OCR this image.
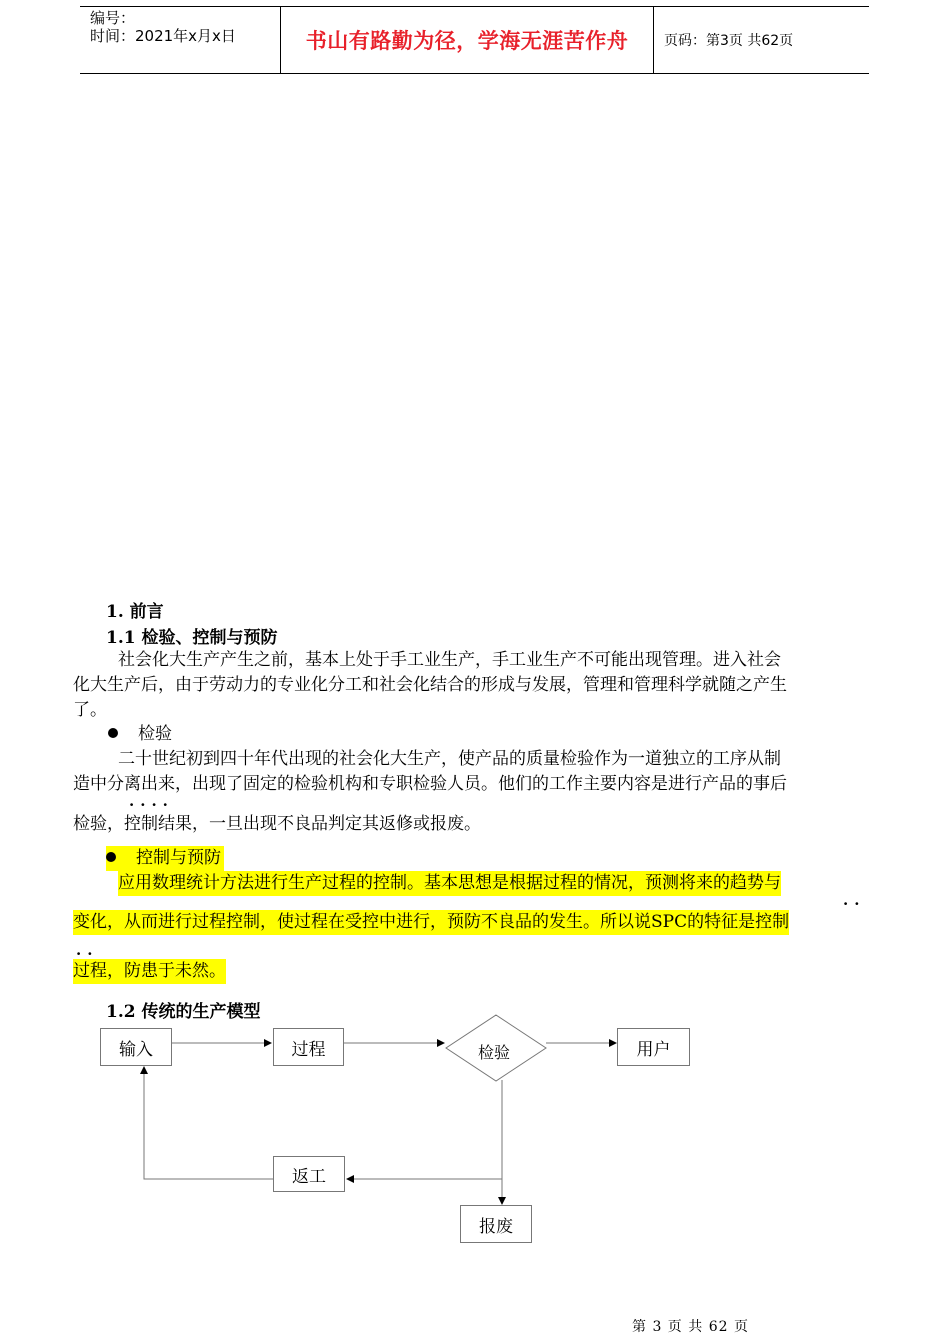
编号：
时间：2021年x月x日	书山有路勤为径，学海无涯苦作舟	页码：第3页 共62页
1. 前言
1.1 检验、控制与预防
社会化大生产产生之前，基本上处于手工业生产，手工业生产不可能出现管理。进入社会
化大生产后，由于劳动力的专业化分工和社会化结合的形成与发展，管理和管理科学就随之产生
了。
检验
二十世纪初到四十年代出现的社会化大生产，使产品的质量检验作为一道独立的工序从制
造中分离出来，出现了固定的检验机构和专职检验人员。他们的工作主要内容是进行产品的事后
....
检验，控制结果，一旦出现不良品判定其返修或报废。
控制与预防
应用数理统计方法进行生产过程的控制。基本思想是根据过程的情况，预测将来的趋势与
..
变化，从而进行过程控制，使过程在受控中进行，预防不良品的发生。所以说SPC的特征是控制
..
过程，防患于未然。
1.2 传统的生产模型
输入	过程	检验	用户
返工
报废
第 3 页 共 62 页
